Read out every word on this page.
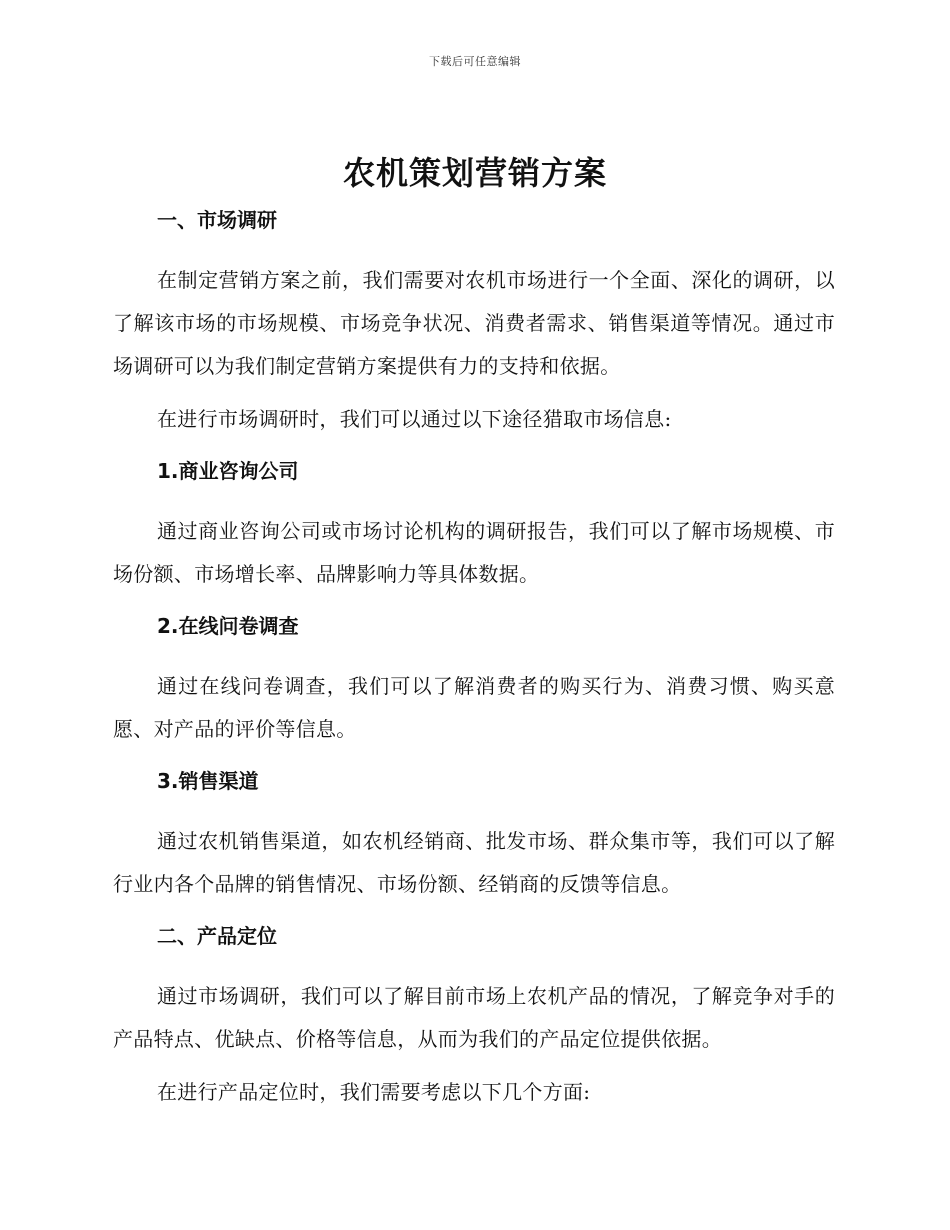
下载后可任意编辑
农机策划营销方案
一、市场调研
在制定营销方案之前，我们需要对农机市场进行一个全面、深化的调研，以了解该市场的市场规模、市场竞争状况、消费者需求、销售渠道等情况。通过市场调研可以为我们制定营销方案提供有力的支持和依据。
在进行市场调研时，我们可以通过以下途径猎取市场信息:
1.商业咨询公司
通过商业咨询公司或市场讨论机构的调研报告，我们可以了解市场规模、市场份额、市场增长率、品牌影响力等具体数据。
2.在线问卷调查
通过在线问卷调查，我们可以了解消费者的购买行为、消费习惯、购买意愿、对产品的评价等信息。
3.销售渠道
通过农机销售渠道，如农机经销商、批发市场、群众集市等，我们可以了解行业内各个品牌的销售情况、市场份额、经销商的反馈等信息。
二、产品定位
通过市场调研，我们可以了解目前市场上农机产品的情况，了解竞争对手的产品特点、优缺点、价格等信息，从而为我们的产品定位提供依据。
在进行产品定位时，我们需要考虑以下几个方面:
